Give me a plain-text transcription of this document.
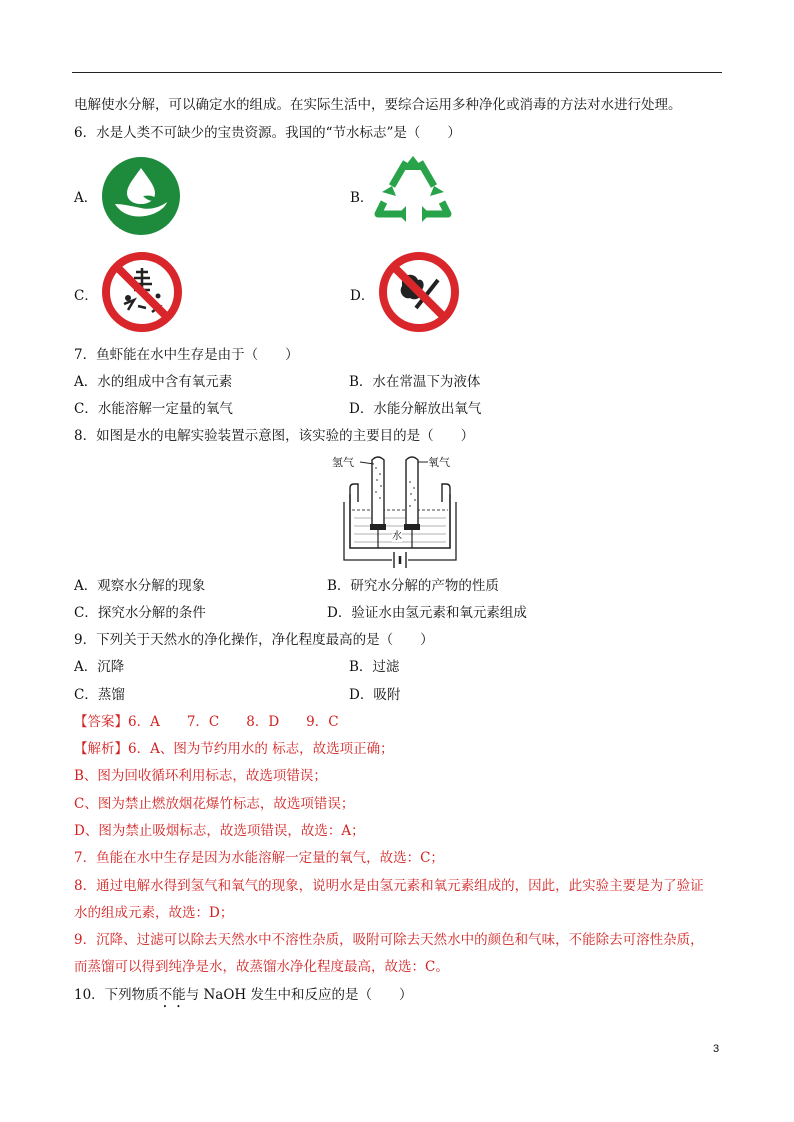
电解使水分解，可以确定水的组成。在实际生活中，要综合运用多种净化或消毒的方法对水进行处理。
6．水是人类不可缺少的宝贵资源。我国的“节水标志”是（　　）
A．	B．
C．	D．
7．鱼虾能在水中生存是由于（　　）
A．水的组成中含有氧元素	B．水在常温下为液体
C．水能溶解一定量的氧气	D．水能分解放出氧气
8．如图是水的电解实验装置示意图，该实验的主要目的是（　　）
氢气	氧气
水
A．观察水分解的现象	B．研究水分解的产物的性质
C．探究水分解的条件	D．验证水由氢元素和氧元素组成
9．下列关于天然水的净化操作，净化程度最高的是（　　）
A．沉降	B．过滤
C．蒸馏	D．吸附
【答案】6．A　　7．C　　8．D　　9．C
【解析】6．A、图为节约用水的 标志，故选项正确；
B、图为回收循环利用标志，故选项错误；
C、图为禁止燃放烟花爆竹标志，故选项错误；
D、图为禁止吸烟标志，故选项错误，故选：A；
7．鱼能在水中生存是因为水能溶解一定量的氧气，故选：C；
8．通过电解水得到氢气和氧气的现象，说明水是由氢元素和氧元素组成的，因此，此实验主要是为了验证
水的组成元素，故选：D；
9．沉降、过滤可以除去天然水中不溶性杂质，吸附可除去天然水中的颜色和气味，不能除去可溶性杂质，
而蒸馏可以得到纯净是水，故蒸馏水净化程度最高，故选：C。
10．下列物质不能与 NaOH 发生中和反应的是（　　）
3
